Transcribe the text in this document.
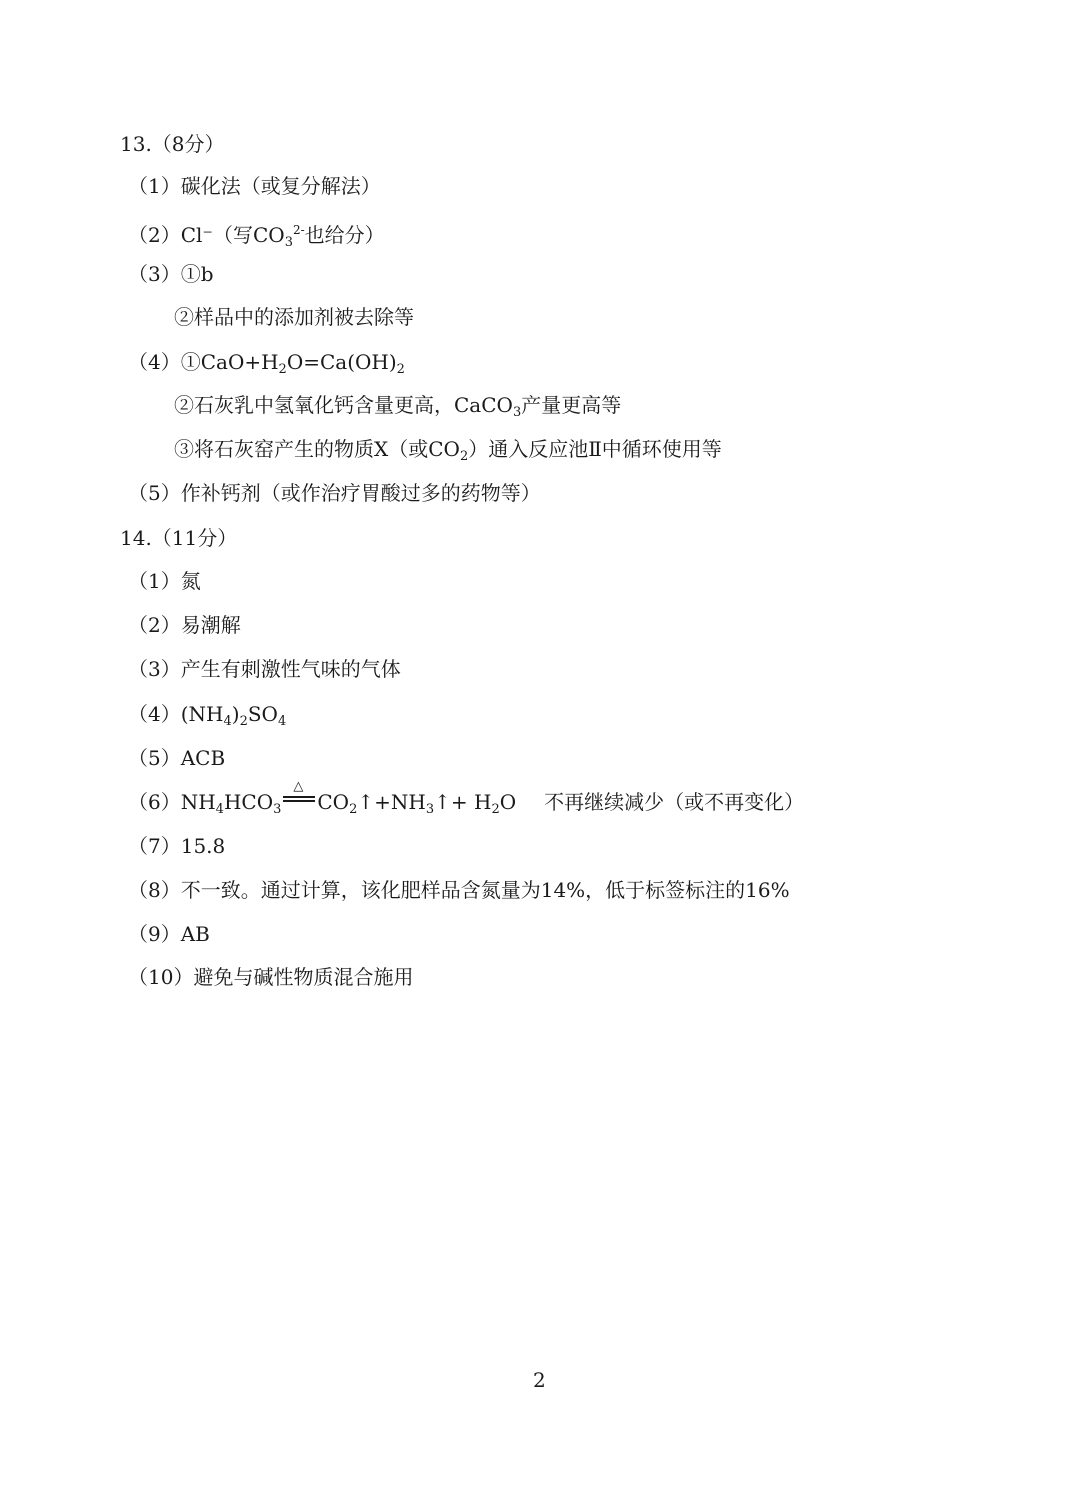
13.（8分）
（1）碳化法（或复分解法）
（2）Cl⁻（写$CO_3^{2-}$也给分）
（3）①b
②样品中的添加剂被去除等
$(4)①CaO+H_2O=Ca(OH)_2$
②石灰乳中氢氧化钙含量更高，CaCO$_3$产量更高等
③将石灰窑产生的物质X（或$CO_2$）通入反应池Ⅱ中循环使用等
（5）作补钙剂（或作治疗胃酸过多的药物等）
14.（11分）
（1）氮
（2）易潮解
（3）产生有刺激性气味的气体
$(4)(NH_4)_2SO_4$
（5）ACB
$(6)NH_4HCO_3$
△
$CO_2↑+NH_3↑+ H_2O$ 不再继续减少（或不再变化）
（7）15.8
（8）不一致。通过计算，该化肥样品含氮量为14%，低于标签标注的16%
（9）AB
（10）避免与碱性物质混合施用
2
